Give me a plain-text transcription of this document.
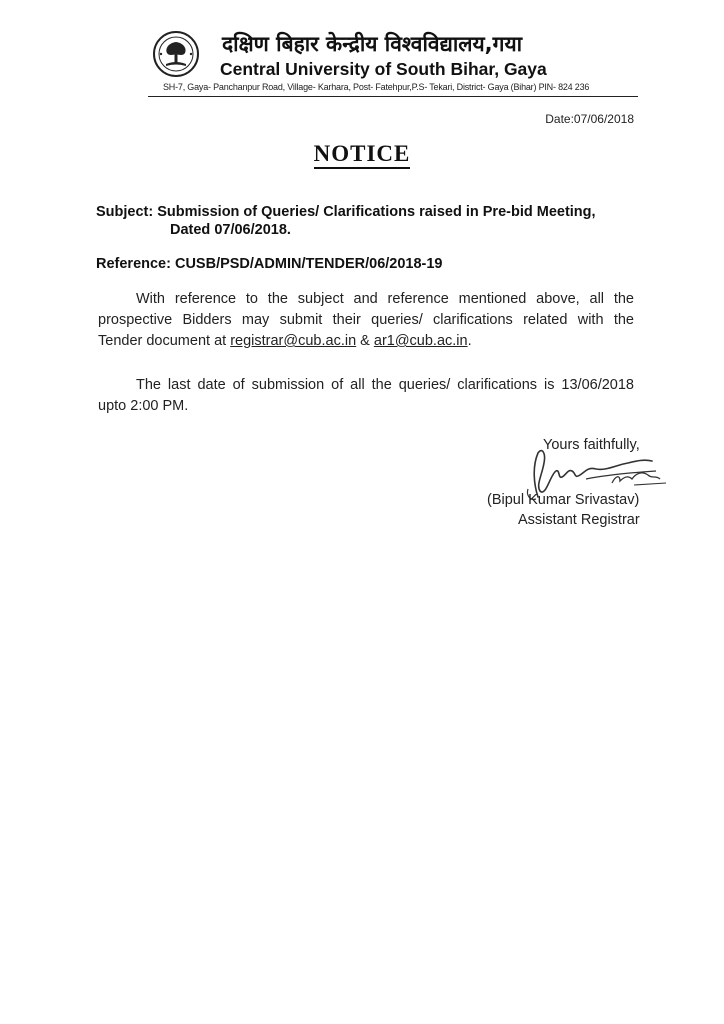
दक्षिण बिहार केन्द्रीय विश्वविद्यालय,गया
Central University of South Bihar, Gaya
SH-7, Gaya- Panchanpur Road, Village- Karhara, Post- Fatehpur,P.S- Tekari, District- Gaya (Bihar) PIN- 824 236
Date:07/06/2018
NOTICE
Subject: Submission of Queries/ Clarifications raised in Pre-bid Meeting,
Dated 07/06/2018.
Reference: CUSB/PSD/ADMIN/TENDER/06/2018-19
With reference to the subject and reference mentioned above, all the
prospective Bidders may submit their queries/ clarifications related with the
Tender document at registrar@cub.ac.in & ar1@cub.ac.in.
The last date of submission of all the queries/ clarifications is 13/06/2018
upto 2:00 PM.
Yours faithfully,
(Bipul Kumar Srivastav)
Assistant Registrar
